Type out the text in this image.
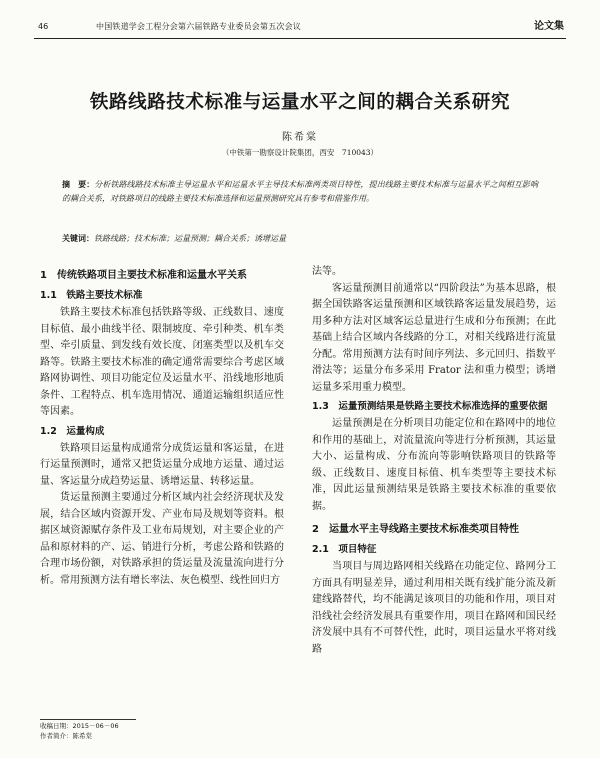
46	中国铁道学会工程分会第六届铁路专业委员会第五次会议	论文集
铁路线路技术标准与运量水平之间的耦合关系研究
陈希棠
（中铁第一勘察设计院集团，西安　710043）
摘　要：分析铁路线路技术标准主导运量水平和运量水平主导技术标准两类项目特性，提出线路主要技术标准与运量水平之间相互影响的耦合关系，对铁路项目的线路主要技术标准选择和运量预测研究具有参考和借鉴作用。
关键词：铁路线路；技术标准；运量预测；耦合关系；诱增运量
1　传统铁路项目主要技术标准和运量水平关系
1.1　铁路主要技术标准

铁路主要技术标准包括铁路等级、正线数目、速度目标值、最小曲线半径、限制坡度、牵引种类、机车类型、牵引质量、到发线有效长度、闭塞类型以及机车交路等。铁路主要技术标准的确定通常需要综合考虑区域路网协调性、项目功能定位及运量水平、沿线地形地质条件、工程特点、机车选用情况、通道运输组织适应性等因素。

1.2　运量构成

铁路项目运量构成通常分成货运量和客运量，在进行运量预测时，通常又把货运量分成地方运量、通过运量、客运量分成趋势运量、诱增运量、转移运量。

货运量预测主要通过分析区域内社会经济现状及发展，结合区域内资源开发、产业布局及规划等资料。根据区域资源赋存条件及工业布局规划，对主要企业的产品和原材料的产、运、销进行分析，考虑公路和铁路的合理市场份额，对铁路承担的货运量及流量流向进行分析。常用预测方法有增长率法、灰色模型、线性回归方

法等。

客运量预测目前通常以“四阶段法”为基本思路，根据全国铁路客运量预测和区域铁路客运量发展趋势，运用多种方法对区域客运总量进行生成和分布预测；在此基础上结合区域内各线路的分工，对相关线路进行流量分配。常用预测方法有时间序列法、多元回归、指数平滑法等；运量分布多采用 Frator 法和重力模型；诱增运量多采用重力模型。

1.3　运量预测结果是铁路主要技术标准选择的重要依据

运量预测是在分析项目功能定位和在路网中的地位和作用的基础上，对流量流向等进行分析预测，其运量大小、运量构成、分布流向等影响铁路项目的铁路等级、正线数目、速度目标值、机车类型等主要技术标准，因此运量预测结果是铁路主要技术标准的重要依据。

2　运量水平主导线路主要技术标准类项目特性
2.1　项目特征

当项目与周边路网相关线路在功能定位、路网分工方面具有明显差异，通过利用相关既有线扩能分流及新建线路替代，均不能满足该项目的功能和作用，项目对沿线社会经济发展具有重要作用，项目在路网和国民经济发展中具有不可替代性，此时，项目运量水平将对线路

收稿日期：2015－06－06
作者简介：陈希棠
